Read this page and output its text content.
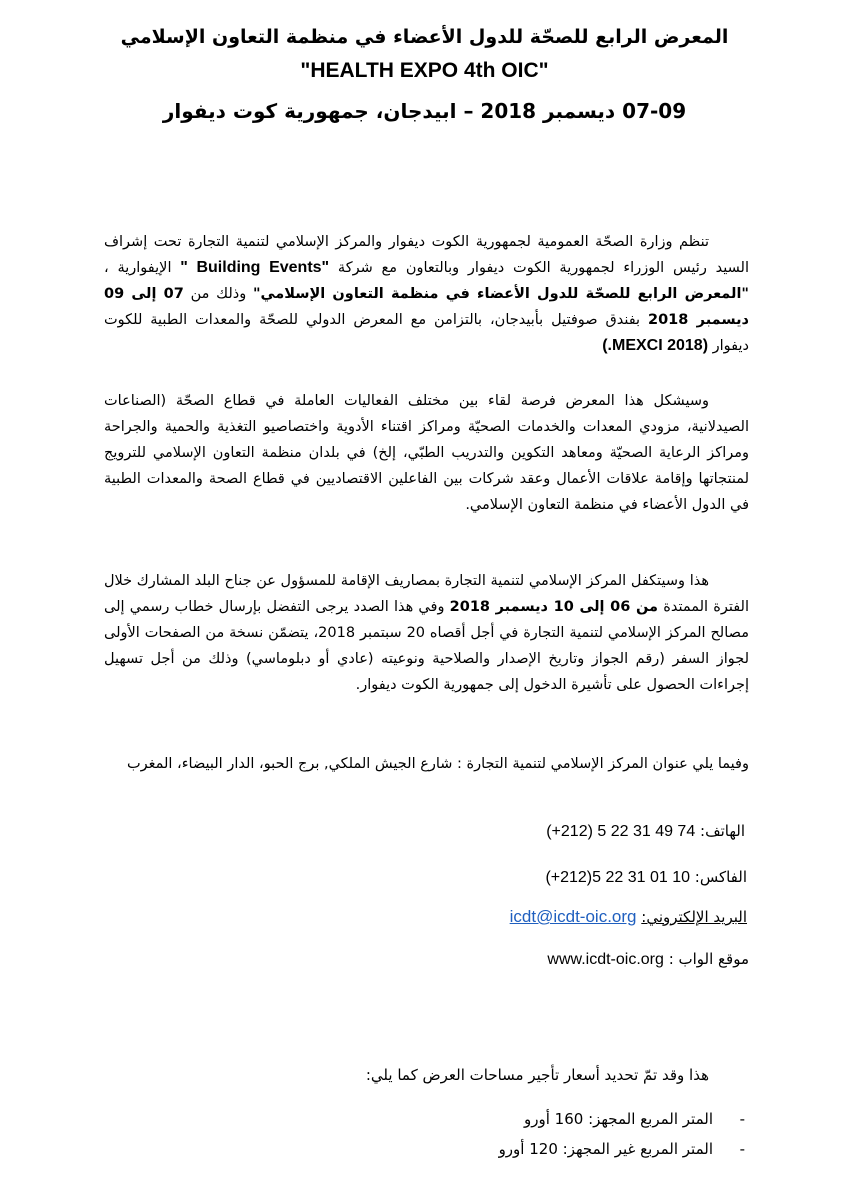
المعرض الرابع للصحّة للدول الأعضاء في منظمة التعاون الإسلامي
"HEALTH EXPO 4th OIC"
07-09 ديسمبر 2018 – ابيدجان، جمهورية كوت ديفوار

تنظم وزارة الصحّة العمومية لجمهورية الكوت ديفوار والمركز الإسلامي لتنمية التجارة تحت إشراف السيد رئيس الوزراء لجمهورية الكوت ديفوار وبالتعاون مع شركة " Building Events" الإيفوارية ، "المعرض الرابع للصحّة للدول الأعضاء في منظمة التعاون الإسلامي" وذلك من 07 إلى 09 ديسمبر 2018 بفندق صوفتيل بأبيدجان، بالتزامن مع المعرض الدولي للصحّة والمعدات الطبية للكوت ديفوار (.MEXCI 2018)

وسيشكل هذا المعرض فرصة لقاء بين مختلف الفعاليات العاملة في قطاع الصحّة (الصناعات الصيدلانية، مزودي المعدات والخدمات الصحيّة ومراكز اقتناء الأدوية واختصاصيو التغذية والحمية والجراحة ومراكز الرعاية الصحيّة ومعاهد التكوين والتدريب الطبّي، إلخ) في بلدان منظمة التعاون الإسلامي للترويج لمنتجاتها وإقامة علاقات الأعمال وعقد شركات بين الفاعلين الاقتصاديين في قطاع الصحة والمعدات الطبية في الدول الأعضاء في منظمة التعاون الإسلامي.

هذا وسيتكفل المركز الإسلامي لتنمية التجارة بمصاريف الإقامة للمسؤول عن جناح البلد المشارك خلال الفترة الممتدة من 06 إلى 10 ديسمبر 2018 وفي هذا الصدد يرجى التفضل بإرسال خطاب رسمي إلى مصالح المركز الإسلامي لتنمية التجارة في أجل أقصاه 20 سبتمبر 2018، يتضمّن نسخة من الصفحات الأولى لجواز السفر (رقم الجواز وتاريخ الإصدار والصلاحية ونوعيته (عادي أو دبلوماسي) وذلك من أجل تسهيل إجراءات الحصول على تأشيرة الدخول إلى جمهورية الكوت ديفوار.

وفيما يلي عنوان المركز الإسلامي لتنمية التجارة : شارع الجيش الملكي, برج الحبو، الدار البيضاء، المغرب

الهاتف: (+212) 5 22 31 49 74
الفاكس: (+212)5 22 31 01 10
البريد الإلكتروني: icdt@icdt-oic.org
موقع الواب : www.icdt-oic.org
هذا وقد تمّ تحديد أسعار تأجير مساحات العرض كما يلي:
-
المتر المربع المجهز: 160 أورو
-
المتر المربع غير المجهز: 120 أورو
